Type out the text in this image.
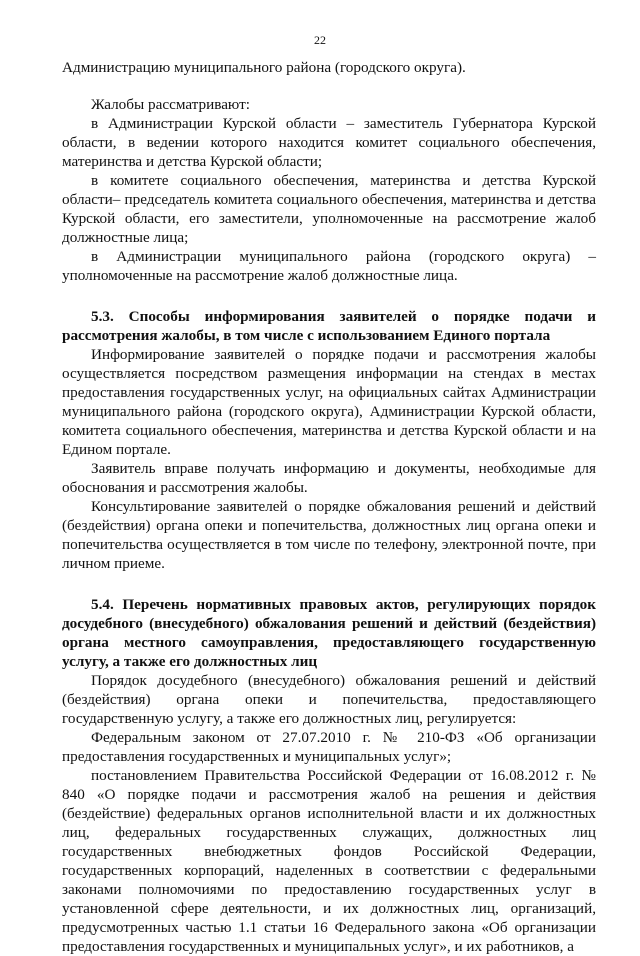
22

Администрацию муниципального района (городского округа).

Жалобы рассматривают:

в Администрации Курской области – заместитель Губернатора Курской области, в ведении которого находится комитет социального обеспечения, материнства и детства Курской области;

в комитете социального обеспечения, материнства и детства Курской области– председатель комитета социального обеспечения, материнства и детства Курской области, его заместители, уполномоченные на рассмотрение жалоб должностные лица;

в Администрации муниципального района (городского округа) – уполномоченные на рассмотрение жалоб должностные лица.

5.3. Способы информирования заявителей о порядке подачи и рассмотрения жалобы, в том числе с использованием Единого портала

Информирование заявителей о порядке подачи и рассмотрения жалобы осуществляется посредством размещения информации на стендах в местах предоставления государственных услуг, на официальных сайтах Администрации муниципального района (городского округа), Администрации Курской области, комитета социального обеспечения, материнства и детства Курской области и на Едином портале.

Заявитель вправе получать информацию и документы, необходимые для обоснования и рассмотрения жалобы.

Консультирование заявителей о порядке обжалования решений и действий (бездействия) органа опеки и попечительства, должностных лиц органа опеки и попечительства осуществляется в том числе по телефону, электронной почте, при личном приеме.

5.4. Перечень нормативных правовых актов, регулирующих порядок досудебного (внесудебного) обжалования решений и действий (бездействия) органа местного самоуправления, предоставляющего государственную услугу, а также его должностных лиц

Порядок досудебного (внесудебного) обжалования решений и действий (бездействия) органа опеки и попечительства, предоставляющего государственную услугу, а также его должностных лиц, регулируется:

Федеральным законом от 27.07.2010 г. № 210-ФЗ «Об организации предоставления государственных и муниципальных услуг»;

постановлением Правительства Российской Федерации от 16.08.2012 г. № 840 «О порядке подачи и рассмотрения жалоб на решения и действия (бездействие) федеральных органов исполнительной власти и их должностных лиц, федеральных государственных служащих, должностных лиц государственных внебюджетных фондов Российской Федерации, государственных корпораций, наделенных в соответствии с федеральными законами полномочиями по предоставлению государственных услуг в установленной сфере деятельности, и их должностных лиц, организаций, предусмотренных частью 1.1 статьи 16 Федерального закона «Об организации предоставления государственных и муниципальных услуг», и их работников, а
